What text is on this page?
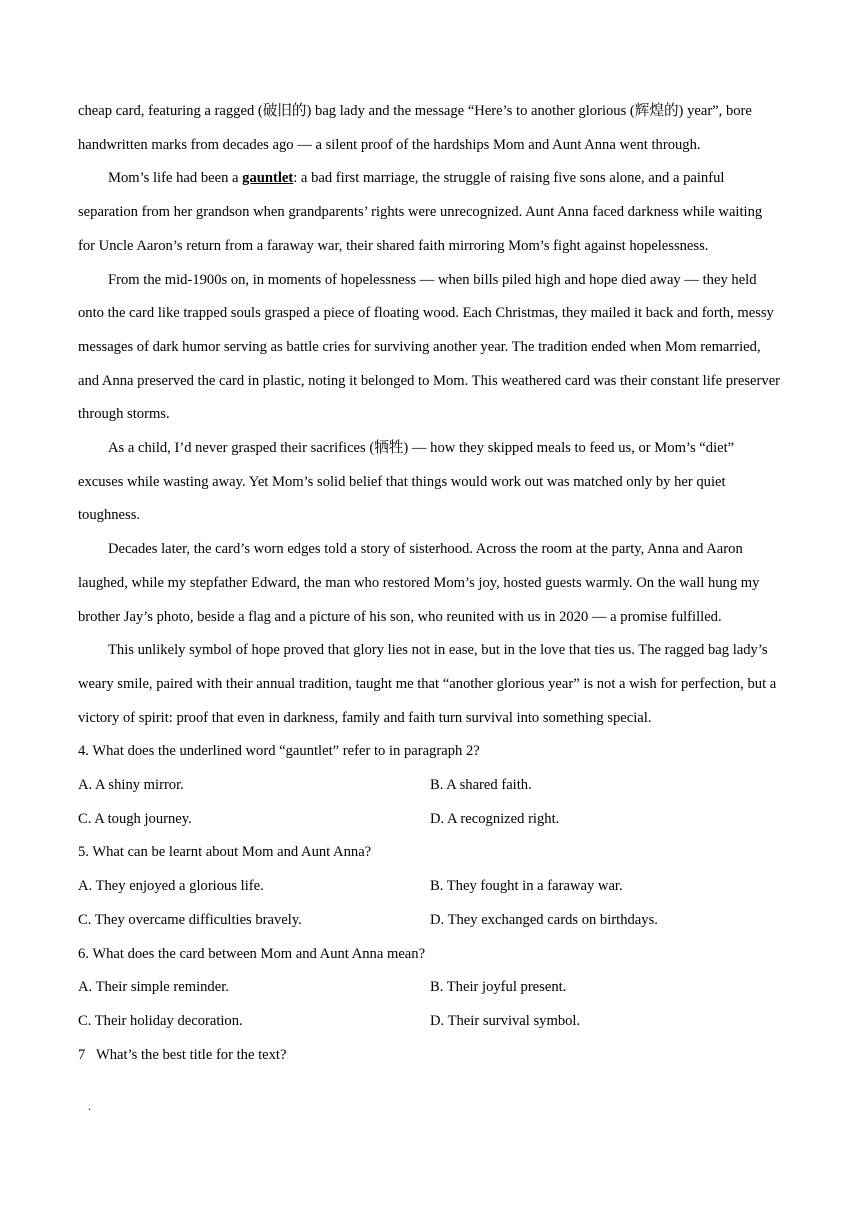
cheap card, featuring a ragged (破旧的) bag lady and the message “Here’s to another glorious (辉煌的) year”, bore handwritten marks from decades ago — a silent proof of the hardships Mom and Aunt Anna went through.

Mom’s life had been a gauntlet: a bad first marriage, the struggle of raising five sons alone, and a painful separation from her grandson when grandparents’ rights were unrecognized. Aunt Anna faced darkness while waiting for Uncle Aaron’s return from a faraway war, their shared faith mirroring Mom’s fight against hopelessness.

From the mid-1900s on, in moments of hopelessness — when bills piled high and hope died away — they held onto the card like trapped souls grasped a piece of floating wood. Each Christmas, they mailed it back and forth, messy messages of dark humor serving as battle cries for surviving another year. The tradition ended when Mom remarried, and Anna preserved the card in plastic, noting it belonged to Mom. This weathered card was their constant life preserver through storms.

As a child, I’d never grasped their sacrifices (牺牲) — how they skipped meals to feed us, or Mom’s “diet” excuses while wasting away. Yet Mom’s solid belief that things would work out was matched only by her quiet toughness.

Decades later, the card’s worn edges told a story of sisterhood. Across the room at the party, Anna and Aaron laughed, while my stepfather Edward, the man who restored Mom’s joy, hosted guests warmly. On the wall hung my brother Jay’s photo, beside a flag and a picture of his son, who reunited with us in 2020 — a promise fulfilled.

This unlikely symbol of hope proved that glory lies not in ease, but in the love that ties us. The ragged bag lady’s weary smile, paired with their annual tradition, taught me that “another glorious year” is not a wish for perfection, but a victory of spirit: proof that even in darkness, family and faith turn survival into something special.

4. What does the underlined word “gauntlet” refer to in paragraph 2?

A. A shiny mirror.	B. A shared faith.

C. A tough journey.	D. A recognized right.

5. What can be learnt about Mom and Aunt Anna?

A. They enjoyed a glorious life.	B. They fought in a faraway war.

C. They overcame difficulties bravely.	D. They exchanged cards on birthdays.

6. What does the card between Mom and Aunt Anna mean?

A. Their simple reminder.	B. Their joyful present.

C. Their holiday decoration.	D. Their survival symbol.

7   What’s the best title for the text?

.
